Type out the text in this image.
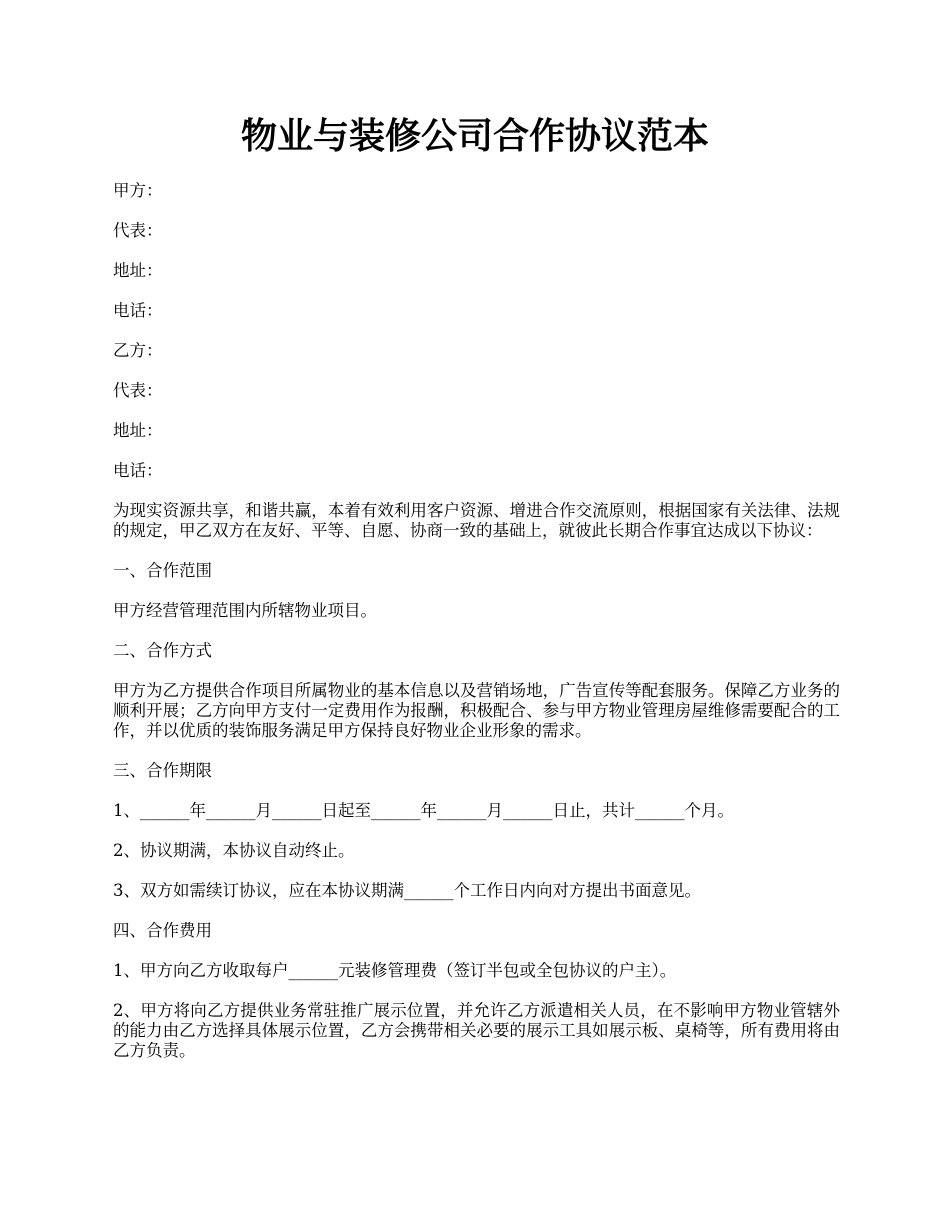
物业与装修公司合作协议范本

甲方：

代表：

地址：

电话：

乙方：

代表：

地址：

电话：

为现实资源共享，和谐共赢，本着有效利用客户资源、增进合作交流原则，根据国家有关法律、法规的规定，甲乙双方在友好、平等、自愿、协商一致的基础上，就彼此长期合作事宜达成以下协议：

一、合作范围

甲方经营管理范围内所辖物业项目。

二、合作方式

甲方为乙方提供合作项目所属物业的基本信息以及营销场地，广告宣传等配套服务。保障乙方业务的顺利开展；乙方向甲方支付一定费用作为报酬，积极配合、参与甲方物业管理房屋维修需要配合的工作，并以优质的装饰服务满足甲方保持良好物业企业形象的需求。

三、合作期限

1、______年______月______日起至______年______月______日止，共计______个月。

2、协议期满，本协议自动终止。

3、双方如需续订协议，应在本协议期满______个工作日内向对方提出书面意见。

四、合作费用

1、甲方向乙方收取每户______元装修管理费（签订半包或全包协议的户主）。

2、甲方将向乙方提供业务常驻推广展示位置，并允许乙方派遣相关人员，在不影响甲方物业管辖外的能力由乙方选择具体展示位置，乙方会携带相关必要的展示工具如展示板、桌椅等，所有费用将由乙方负责。
